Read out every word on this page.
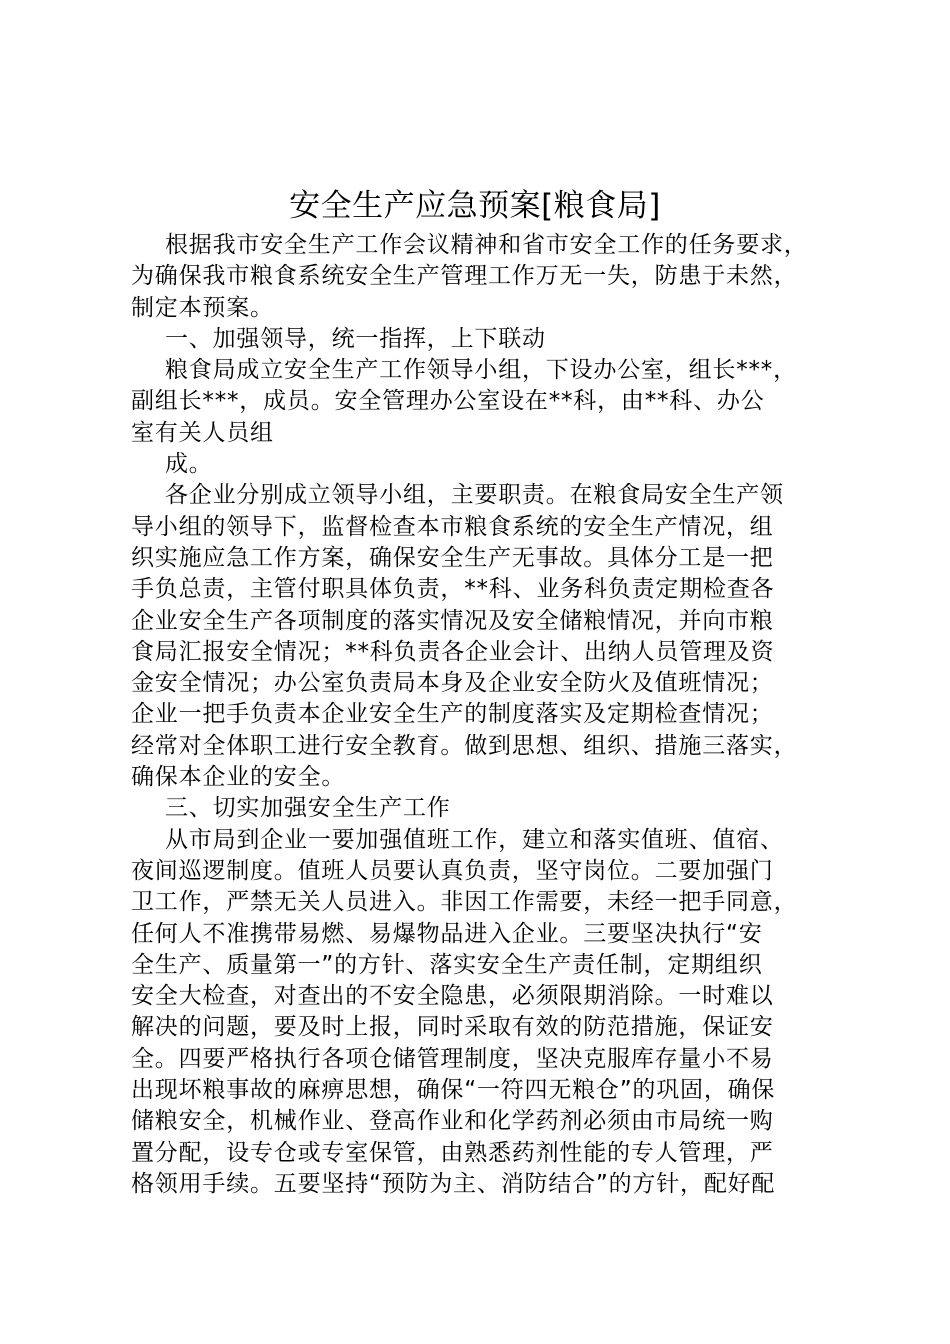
安全生产应急预案[粮食局]
根据我市安全生产工作会议精神和省市安全工作的任务要求，
为确保我市粮食系统安全生产管理工作万无一失，防患于未然，
制定本预案。
一、加强领导，统一指挥，上下联动
粮食局成立安全生产工作领导小组，下设办公室，组长***，
副组长***，成员。安全管理办公室设在**科，由**科、办公
室有关人员组
成。
各企业分别成立领导小组，主要职责。在粮食局安全生产领
导小组的领导下，监督检查本市粮食系统的安全生产情况，组
织实施应急工作方案，确保安全生产无事故。具体分工是一把
手负总责，主管付职具体负责，**科、业务科负责定期检查各
企业安全生产各项制度的落实情况及安全储粮情况，并向市粮
食局汇报安全情况；**科负责各企业会计、出纳人员管理及资
金安全情况；办公室负责局本身及企业安全防火及值班情况；
企业一把手负责本企业安全生产的制度落实及定期检查情况；
经常对全体职工进行安全教育。做到思想、组织、措施三落实，
确保本企业的安全。
三、切实加强安全生产工作
从市局到企业一要加强值班工作，建立和落实值班、值宿、
夜间巡逻制度。值班人员要认真负责，坚守岗位。二要加强门
卫工作，严禁无关人员进入。非因工作需要，未经一把手同意，
任何人不准携带易燃、易爆物品进入企业。三要坚决执行“安
全生产、质量第一”的方针、落实安全生产责任制，定期组织
安全大检查，对查出的不安全隐患，必须限期消除。一时难以
解决的问题，要及时上报，同时采取有效的防范措施，保证安
全。四要严格执行各项仓储管理制度，坚决克服库存量小不易
出现坏粮事故的麻痹思想，确保“一符四无粮仓”的巩固，确保
储粮安全，机械作业、登高作业和化学药剂必须由市局统一购
置分配，设专仓或专室保管，由熟悉药剂性能的专人管理，严
格领用手续。五要坚持“预防为主、消防结合”的方针，配好配
